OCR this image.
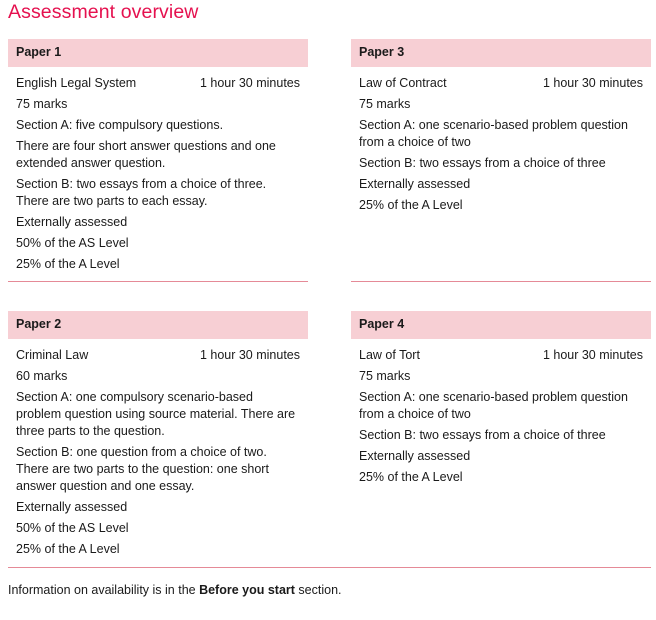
Assessment overview
Paper 1

English Legal System	1 hour 30 minutes

75 marks

Section A: five compulsory questions.

There are four short answer questions and one extended answer question.

Section B: two essays from a choice of three. There are two parts to each essay.

Externally assessed

50% of the AS Level

25% of the A Level

Paper 3

Law of Contract	1 hour 30 minutes

75 marks

Section A: one scenario-based problem question from a choice of two

Section B: two essays from a choice of three

Externally assessed

25% of the A Level

Paper 2

Criminal Law	1 hour 30 minutes

60 marks

Section A: one compulsory scenario-based problem question using source material. There are three parts to the question.

Section B: one question from a choice of two. There are two parts to the question: one short answer question and one essay.

Externally assessed

50% of the AS Level

25% of the A Level

Paper 4

Law of Tort	1 hour 30 minutes

75 marks

Section A: one scenario-based problem question from a choice of two

Section B: two essays from a choice of three

Externally assessed

25% of the A Level

Information on availability is in the Before you start section.
